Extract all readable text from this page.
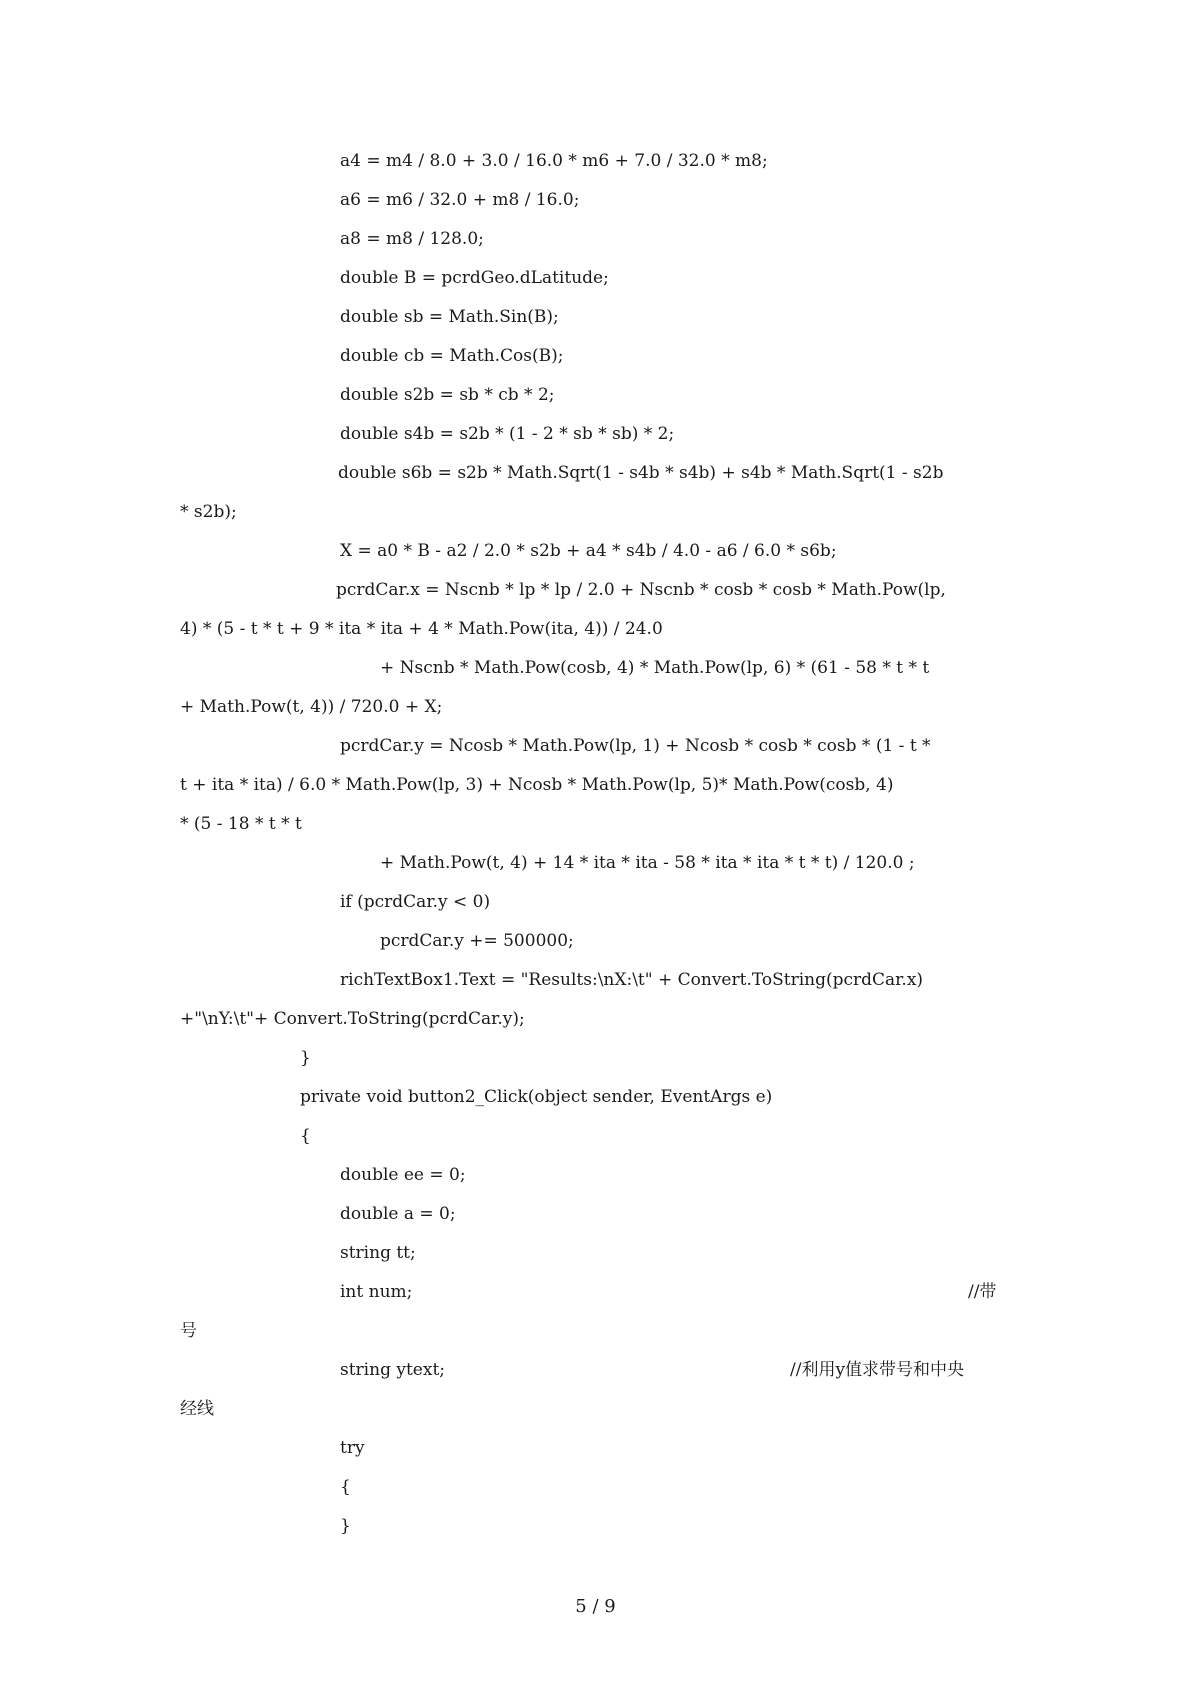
a4 = m4 / 8.0 + 3.0 / 16.0 * m6 + 7.0 / 32.0 * m8;

a6 = m6 / 32.0 + m8 / 16.0;

a8 = m8 / 128.0;

double B = pcrdGeo.dLatitude;

double sb = Math.Sin(B);

double cb = Math.Cos(B);

double s2b = sb * cb * 2;

double s4b = s2b * (1 - 2 * sb * sb) * 2;

double s6b = s2b * Math.Sqrt(1 - s4b * s4b) + s4b * Math.Sqrt(1 - s2b

* s2b);

X = a0 * B - a2 / 2.0 * s2b + a4 * s4b / 4.0 - a6 / 6.0 * s6b;

pcrdCar.x = Nscnb * lp * lp / 2.0 + Nscnb * cosb * cosb * Math.Pow(lp,

4) * (5 - t * t + 9 * ita * ita + 4 * Math.Pow(ita, 4)) / 24.0

+ Nscnb * Math.Pow(cosb, 4) * Math.Pow(lp, 6) * (61 - 58 * t * t

+ Math.Pow(t, 4)) / 720.0 + X;

pcrdCar.y = Ncosb * Math.Pow(lp, 1) + Ncosb * cosb * cosb * (1 - t *

t + ita * ita) / 6.0 * Math.Pow(lp, 3) + Ncosb * Math.Pow(lp, 5)* Math.Pow(cosb, 4)

* (5 - 18 * t * t

+ Math.Pow(t, 4) + 14 * ita * ita - 58 * ita * ita * t * t) / 120.0 ;

if (pcrdCar.y < 0)

pcrdCar.y += 500000;

richTextBox1.Text = "Results:\nX:\t" + Convert.ToString(pcrdCar.x)

+"\nY:\t"+ Convert.ToString(pcrdCar.y);

}

private void button2_Click(object sender, EventArgs e)

{

double ee = 0;

double a = 0;

string tt;

int num;	//带

号

string ytext;	//利用y值求带号和中央

经线

try

{

}

5 / 9
